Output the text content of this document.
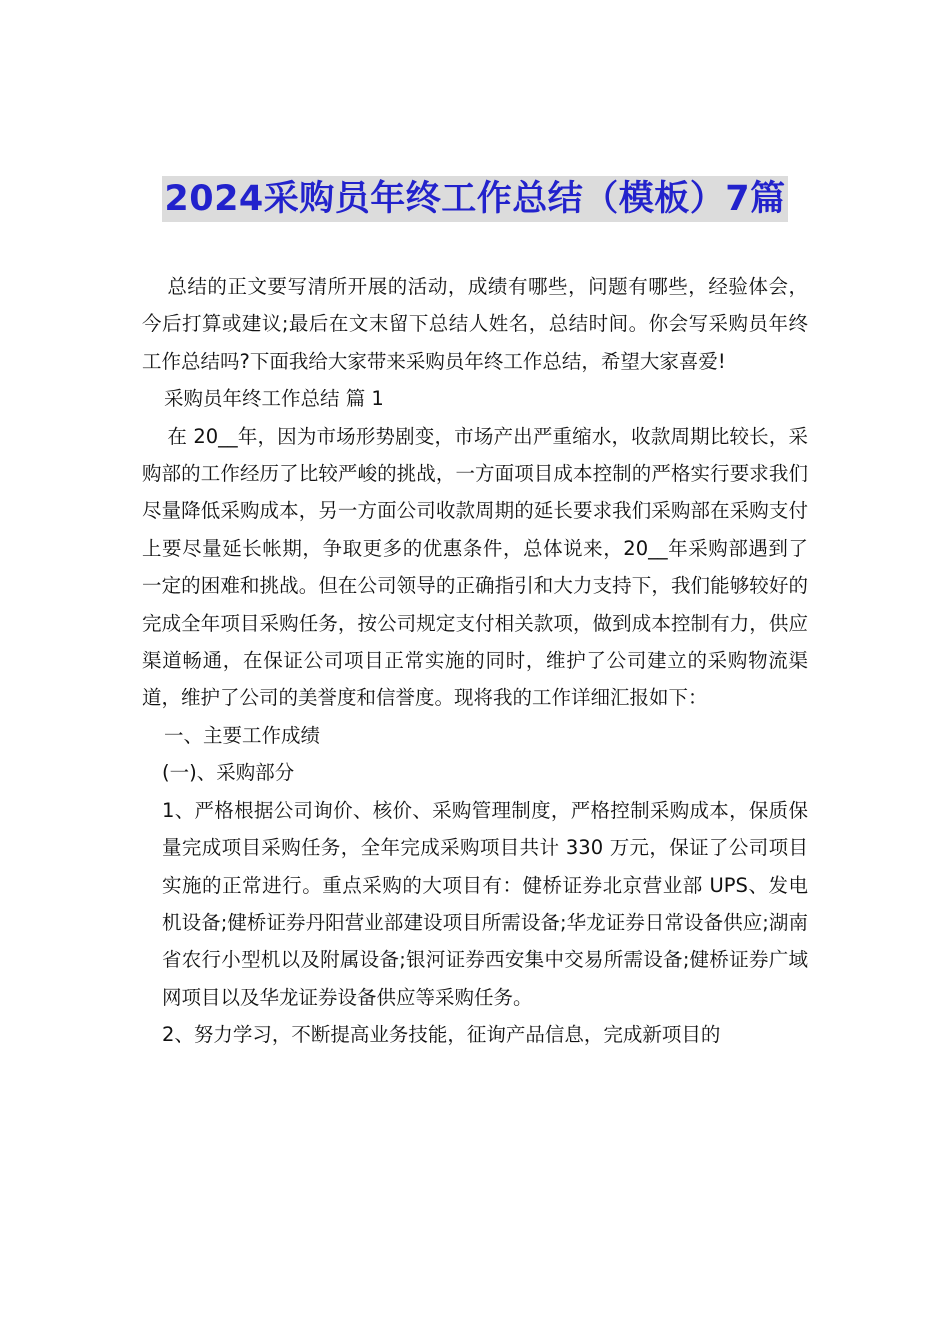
2024采购员年终工作总结（模板）7篇

总结的正文要写清所开展的活动，成绩有哪些，问题有哪些，经验体会，今后打算或建议;最后在文末留下总结人姓名，总结时间。你会写采购员年终工作总结吗?下面我给大家带来采购员年终工作总结，希望大家喜爱!

采购员年终工作总结 篇 1

在 20__年，因为市场形势剧变，市场产出严重缩水，收款周期比较长，采购部的工作经历了比较严峻的挑战，一方面项目成本控制的严格实行要求我们尽量降低采购成本，另一方面公司收款周期的延长要求我们采购部在采购支付上要尽量延长帐期，争取更多的优惠条件，总体说来，20__年采购部遇到了一定的困难和挑战。但在公司领导的正确指引和大力支持下，我们能够较好的完成全年项目采购任务，按公司规定支付相关款项，做到成本控制有力，供应渠道畅通，在保证公司项目正常实施的同时，维护了公司建立的采购物流渠道，维护了公司的美誉度和信誉度。现将我的工作详细汇报如下：

一、主要工作成绩

(一)、采购部分

1、严格根据公司询价、核价、采购管理制度，严格控制采购成本，保质保量完成项目采购任务，全年完成采购项目共计 330 万元，保证了公司项目实施的正常进行。重点采购的大项目有：健桥证券北京营业部 UPS、发电机设备;健桥证券丹阳营业部建设项目所需设备;华龙证券日常设备供应;湖南省农行小型机以及附属设备;银河证券西安集中交易所需设备;健桥证券广域网项目以及华龙证券设备供应等采购任务。

2、努力学习，不断提高业务技能，征询产品信息，完成新项目的
